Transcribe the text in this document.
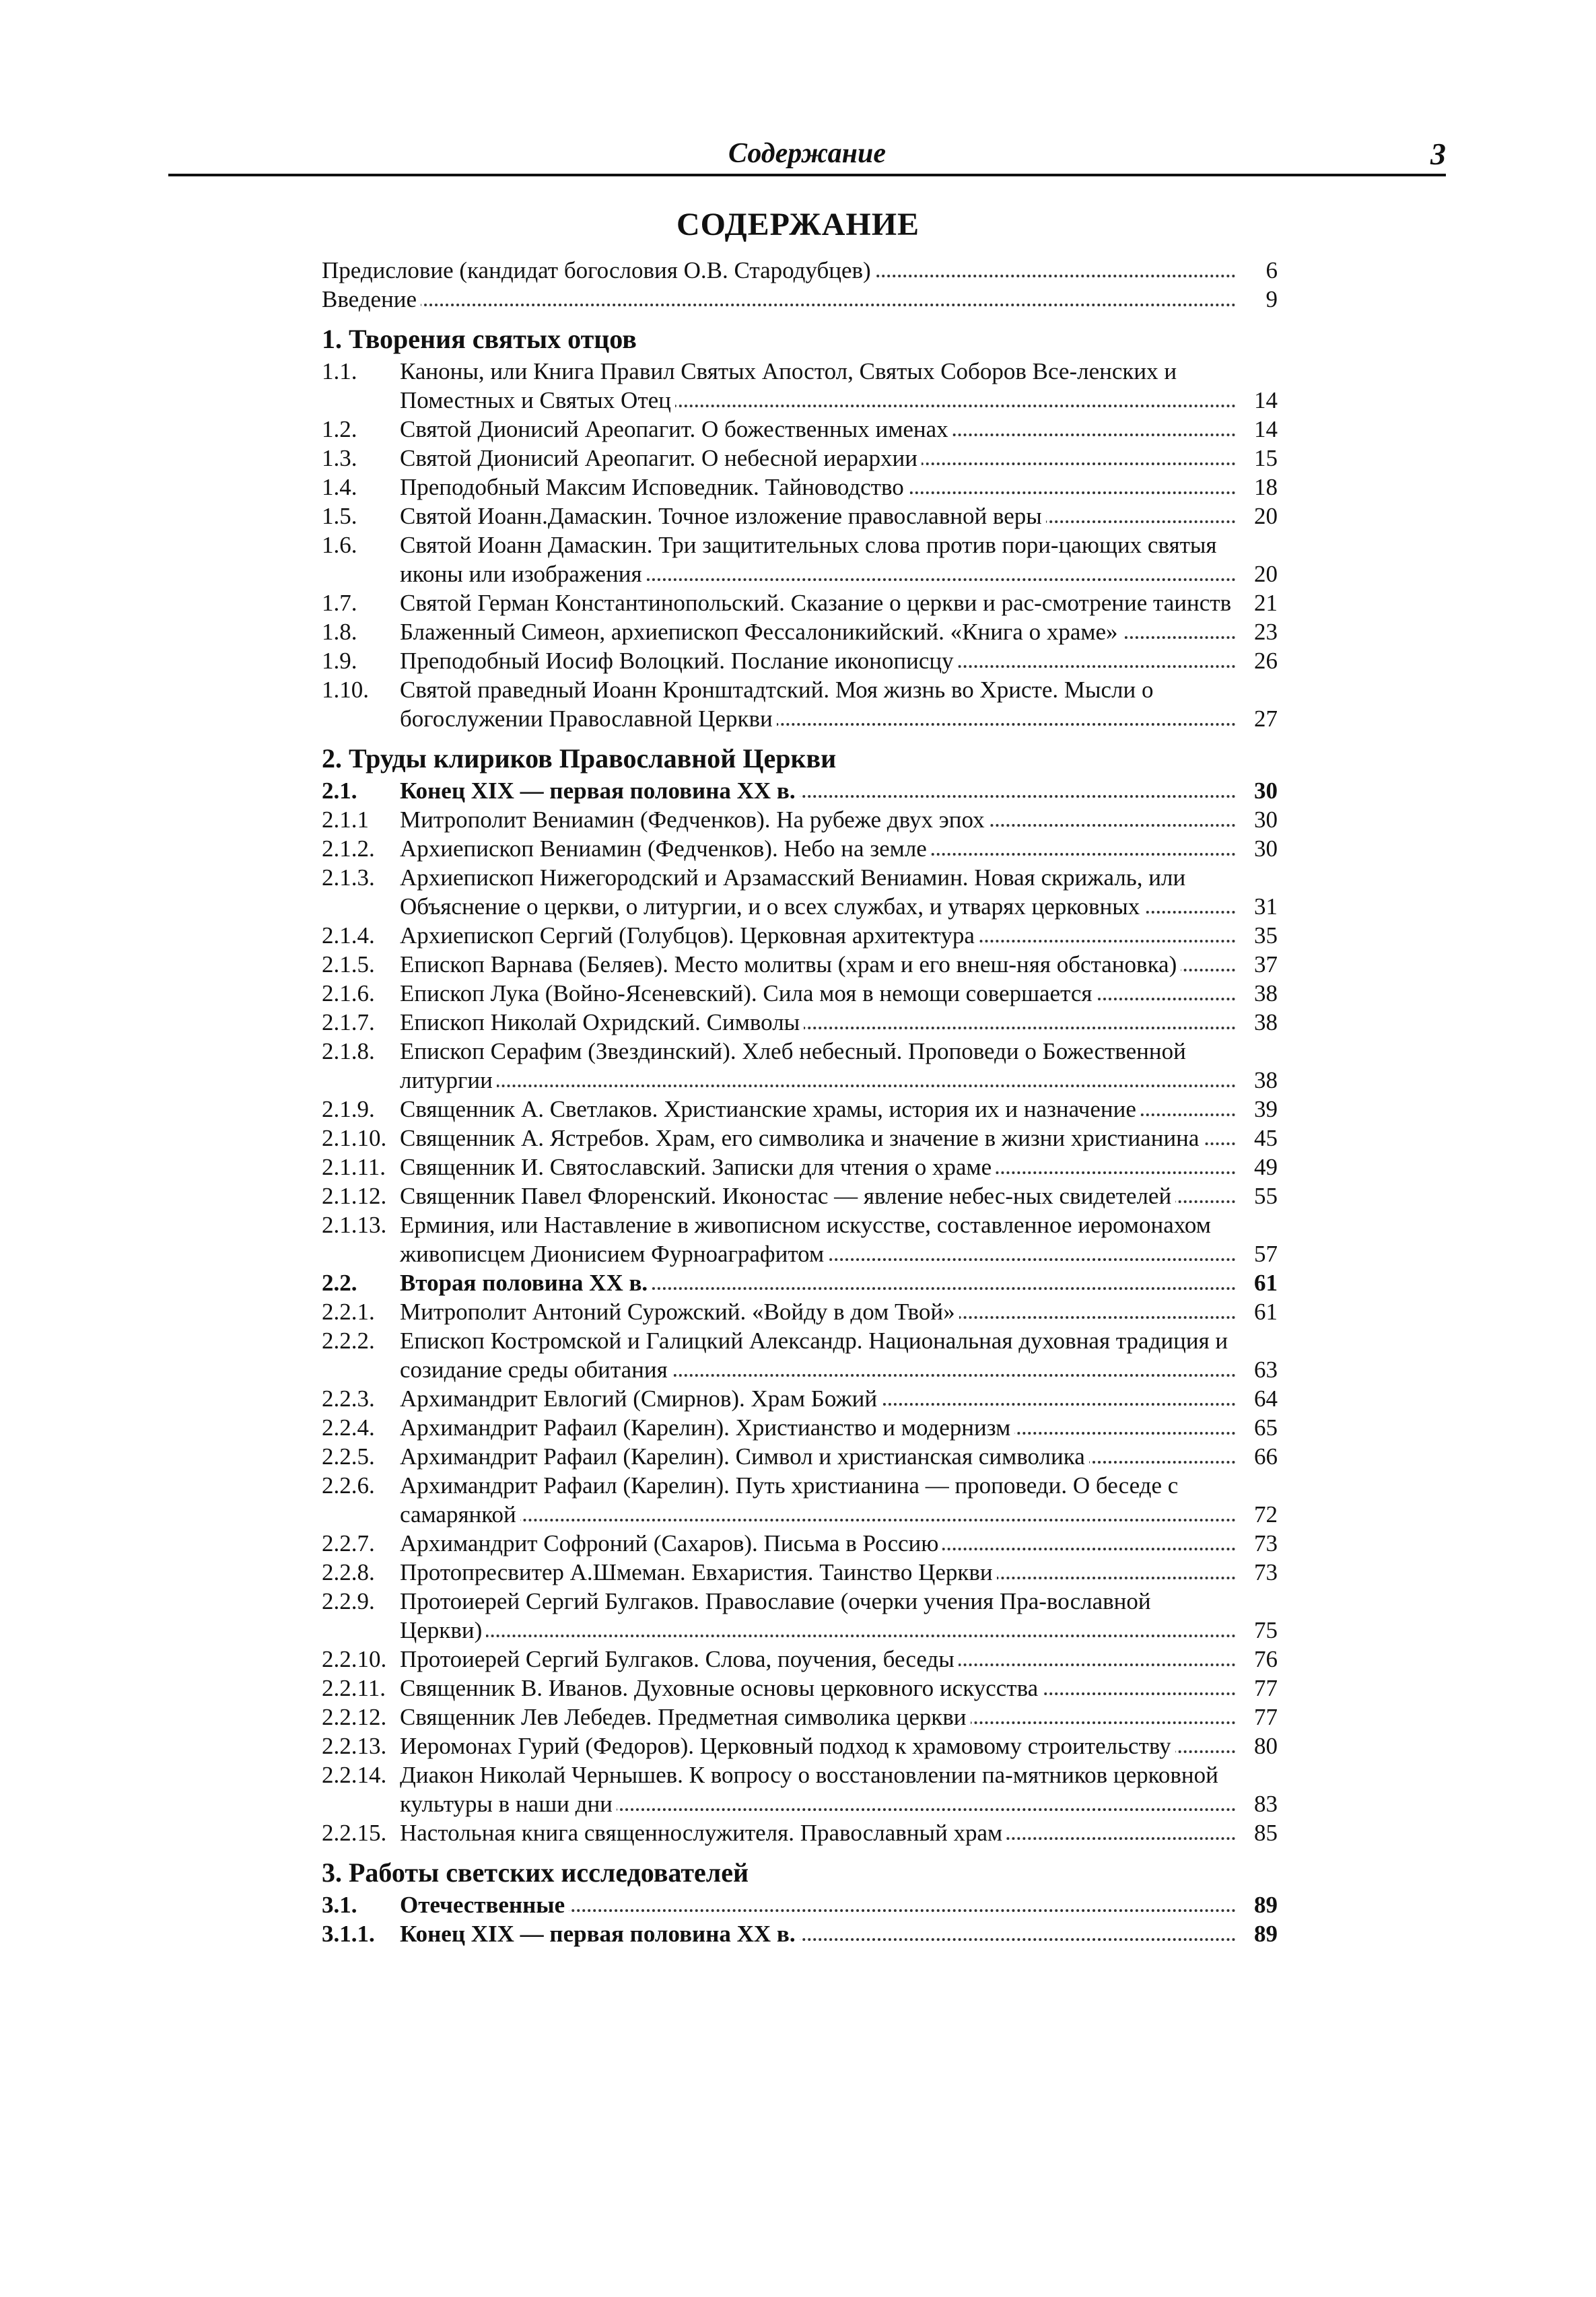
Содержание	3
СОДЕРЖАНИЕ
Предисловие (кандидат богословия О.В. Стародубцев)	6
Введение	9
1. Творения святых отцов
1.1. Каноны, или Книга Правил Святых Апостол, Святых Соборов Все-ленских и Поместных и Святых Отец	14
1.2. Святой Дионисий Ареопагит. О божественных именах	14
1.3. Святой Дионисий Ареопагит. О небесной иерархии	15
1.4. Преподобный Максим Исповедник. Тайноводство	18
1.5. Святой Иоанн.Дамаскин. Точное изложение православной веры	20
1.6. Святой Иоанн Дамаскин. Три защитительных слова против пори-цающих святыя иконы или изображения	20
1.7. Святой Герман Константинопольский. Сказание о церкви и рас-смотрение таинств 21
1.8. Блаженный Симеон, архиепископ Фессалоникийский. «Книга о храме»	23
1.9. Преподобный Иосиф Волоцкий. Послание иконописцу	26
1.10. Святой праведный Иоанн Кронштадтский. Моя жизнь во Христе. Мысли о богослужении Православной Церкви	27
2. Труды клириков Православной Церкви
2.1. Конец XIX — первая половина XX в.	30
2.1.1 Митрополит Вениамин (Федченков). На рубеже двух эпох	30
2.1.2. Архиепископ Вениамин (Федченков). Небо на земле	30
2.1.3. Архиепископ Нижегородский и Арзамасский Вениамин. Новая скрижаль, или Объяснение о церкви, о литургии, и о всех службах, и утварях церковных	31
2.1.4. Архиепископ Сергий (Голубцов). Церковная архитектура	35
2.1.5. Епископ Варнава (Беляев). Место молитвы (храм и его внеш-няя обстановка)	37
2.1.6. Епископ Лука (Войно-Ясеневский). Сила моя в немощи совершается	38
2.1.7. Епископ Николай Охридский. Символы	38
2.1.8. Епископ Серафим (Звездинский). Хлеб небесный. Проповеди о Божественной литургии	38
2.1.9. Священник А. Светлаков. Христианские храмы, история их и назначение	39
2.1.10. Священник А. Ястребов. Храм, его символика и значение в жизни христианина	45
2.1.11. Священник И. Святославский. Записки для чтения о храме	49
2.1.12. Священник Павел Флоренский. Иконостас — явление небес-ных свидетелей	55
2.1.13. Ерминия, или Наставление в живописном искусстве, составленное иеромонахом живописцем Дионисием Фурноаграфитом	57
2.2. Вторая половина XX в.	61
2.2.1. Митрополит Антоний Сурожский. «Войду в дом Твой»	61
2.2.2. Епископ Костромской и Галицкий Александр. Национальная духовная традиция и созидание среды обитания	63
2.2.3. Архимандрит Евлогий (Смирнов). Храм Божий	64
2.2.4. Архимандрит Рафаил (Карелин). Христианство и модернизм	65
2.2.5. Архимандрит Рафаил (Карелин). Символ и христианская символика	66
2.2.6. Архимандрит Рафаил (Карелин). Путь христианина — проповеди. О беседе с самарянкой	72
2.2.7. Архимандрит Софроний (Сахаров). Письма в Россию	73
2.2.8. Протопресвитер А.Шмеман. Евхаристия. Таинство Церкви	73
2.2.9. Протоиерей Сергий Булгаков. Православие (очерки учения Пра-вославной Церкви)	75
2.2.10. Протоиерей Сергий Булгаков. Слова, поучения, беседы	76
2.2.11. Священник В. Иванов. Духовные основы церковного искусства	77
2.2.12. Священник Лев Лебедев. Предметная символика церкви	77
2.2.13. Иеромонах Гурий (Федоров). Церковный подход к храмовому строительству	80
2.2.14. Диакон Николай Чернышев. К вопросу о восстановлении па-мятников церковной культуры в наши дни	83
2.2.15. Настольная книга священнослужителя. Православный храм	85
3. Работы светских исследователей
3.1. Отечественные	89
3.1.1. Конец XIX — первая половина XX в.	89
